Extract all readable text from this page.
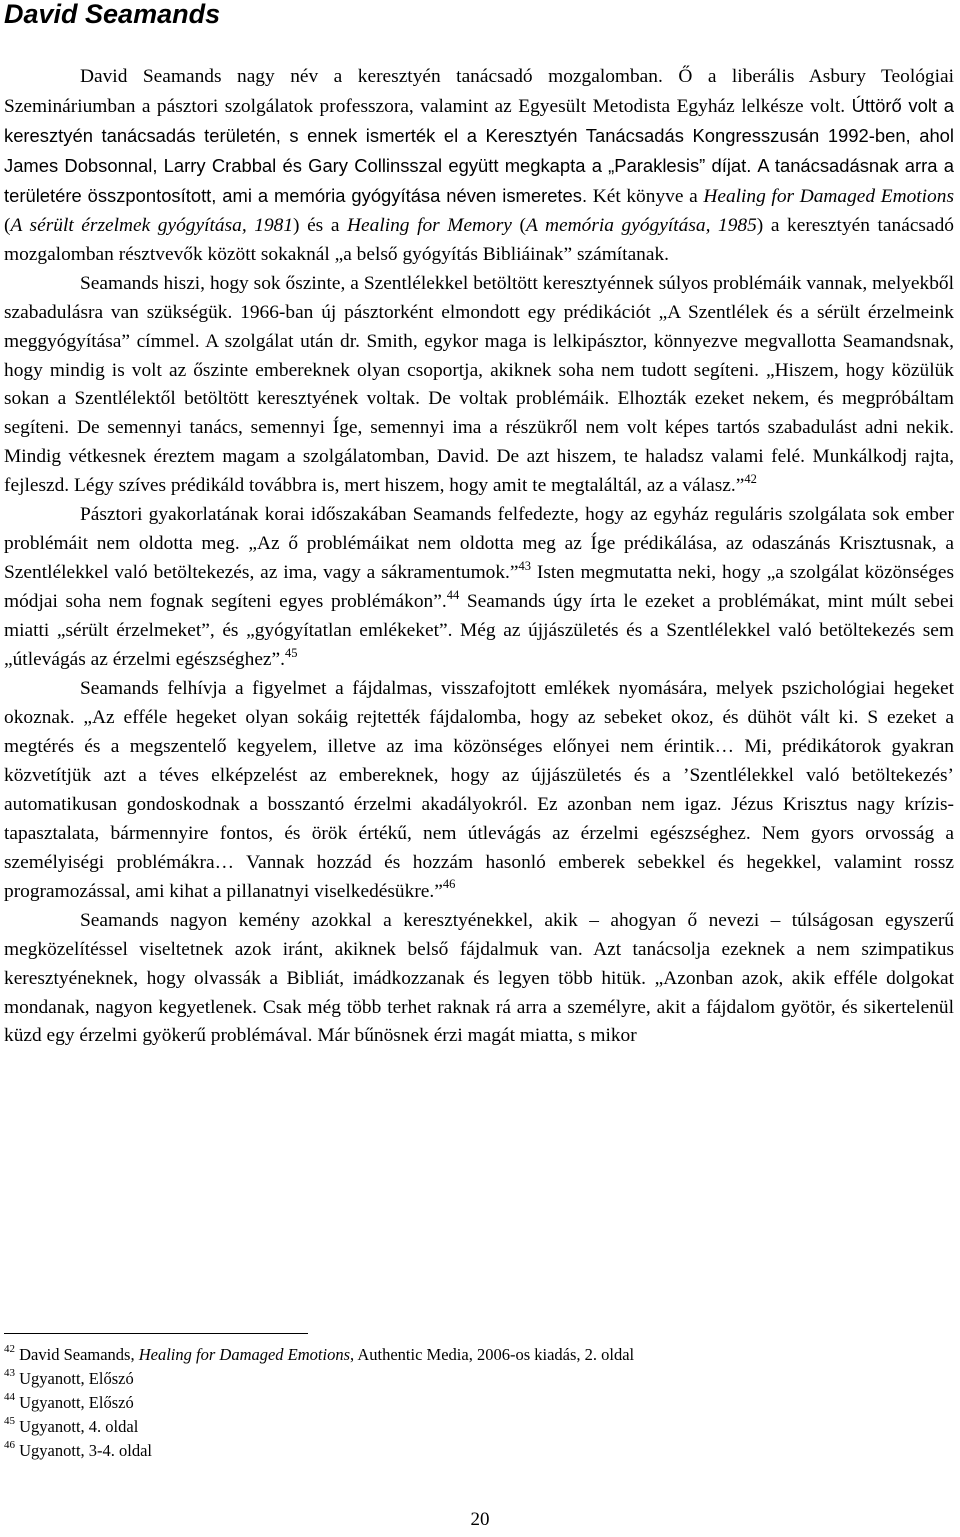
David Seamands

David Seamands nagy név a keresztyén tanácsadó mozgalomban. Ő a liberális Asbury Teológiai Szemináriumban a pásztori szolgálatok professzora, valamint az Egyesült Metodista Egyház lelkésze volt. Úttörő volt a keresztyén tanácsadás területén, s ennek ismerték el a Keresztyén Tanácsadás Kongresszusán 1992-ben, ahol James Dobsonnal, Larry Crabbal és Gary Collinsszal együtt megkapta a „Paraklesis” díjat. A tanácsadásnak arra a területére összpontosított, ami a memória gyógyítása néven ismeretes. Két könyve a Healing for Damaged Emotions (A sérült érzelmek gyógyítása, 1981) és a Healing for Memory (A memória gyógyítása, 1985) a keresztyén tanácsadó mozgalomban résztvevők között sokaknál „a belső gyógyítás Bibliáinak” számítanak.

Seamands hiszi, hogy sok őszinte, a Szentlélekkel betöltött keresztyénnek súlyos problémáik vannak, melyekből szabadulásra van szükségük. 1966-ban új pásztorként elmondott egy prédikációt „A Szentlélek és a sérült érzelmeink meggyógyítása” címmel. A szolgálat után dr. Smith, egykor maga is lelkipásztor, könnyezve megvallotta Seamandsnak, hogy mindig is volt az őszinte embereknek olyan csoportja, akiknek soha nem tudott segíteni. „Hiszem, hogy közülük sokan a Szentlélektől betöltött keresztyének voltak. De voltak problémáik. Elhozták ezeket nekem, és megpróbáltam segíteni. De semennyi tanács, semennyi Íge, semennyi ima a részükről nem volt képes tartós szabadulást adni nekik. Mindig vétkesnek éreztem magam a szolgálatomban, David. De azt hiszem, te haladsz valami felé. Munkálkodj rajta, fejleszd. Légy szíves prédikáld továbbra is, mert hiszem, hogy amit te megtaláltál, az a válasz.”$^{42}$

Pásztori gyakorlatának korai időszakában Seamands felfedezte, hogy az egyház reguláris szolgálata sok ember problémáit nem oldotta meg. „Az ő problémáikat nem oldotta meg az Íge prédikálása, az odaszánás Krisztusnak, a Szentlélekkel való betöltekezés, az ima, vagy a sákramentumok.”$^{43}$ Isten megmutatta neki, hogy „a szolgálat közönséges módjai soha nem fognak segíteni egyes problémákon”.$^{44}$ Seamands úgy írta le ezeket a problémákat, mint múlt sebei miatti „sérült érzelmeket”, és „gyógyítatlan emlékeket”. Még az újjászületés és a Szentlélekkel való betöltekezés sem „útlevágás az érzelmi egészséghez”.$^{45}$

Seamands felhívja a figyelmet a fájdalmas, visszafojtott emlékek nyomására, melyek pszichológiai hegeket okoznak. „Az efféle hegeket olyan sokáig rejtették fájdalomba, hogy az sebeket okoz, és dühöt vált ki. S ezeket a megtérés és a megszentelő kegyelem, illetve az ima közönséges előnyei nem érintik… Mi, prédikátorok gyakran közvetítjük azt a téves elképzelést az embereknek, hogy az újjászületés és a ’Szentlélekkel való betöltekezés’ automatikusan gondoskodnak a bosszantó érzelmi akadályokról. Ez azonban nem igaz. Jézus Krisztus nagy krízis-tapasztalata, bármennyire fontos, és örök értékű, nem útlevágás az érzelmi egészséghez. Nem gyors orvosság a személyiségi problémákra… Vannak hozzád és hozzám hasonló emberek sebekkel és hegekkel, valamint rossz programozással, ami kihat a pillanatnyi viselkedésükre.”$^{46}$

Seamands nagyon kemény azokkal a keresztyénekkel, akik – ahogyan ő nevezi – túlságosan egyszerű megközelítéssel viseltetnek azok iránt, akiknek belső fájdalmuk van. Azt tanácsolja ezeknek a nem szimpatikus keresztyéneknek, hogy olvassák a Bibliát, imádkozzanak és legyen több hitük. „Azonban azok, akik efféle dolgokat mondanak, nagyon kegyetlenek. Csak még több terhet raknak rá arra a személyre, akit a fájdalom gyötör, és sikertelenül küzd egy érzelmi gyökerű problémával. Már bűnösnek érzi magát miatta, s mikor

$^{42}$ David Seamands, Healing for Damaged Emotions, Authentic Media, 2006-os kiadás, 2. oldal

$^{43}$ Ugyanott, Előszó

$^{44}$ Ugyanott, Előszó

$^{45}$ Ugyanott, 4. oldal

$^{46}$ Ugyanott, 3-4. oldal

20
